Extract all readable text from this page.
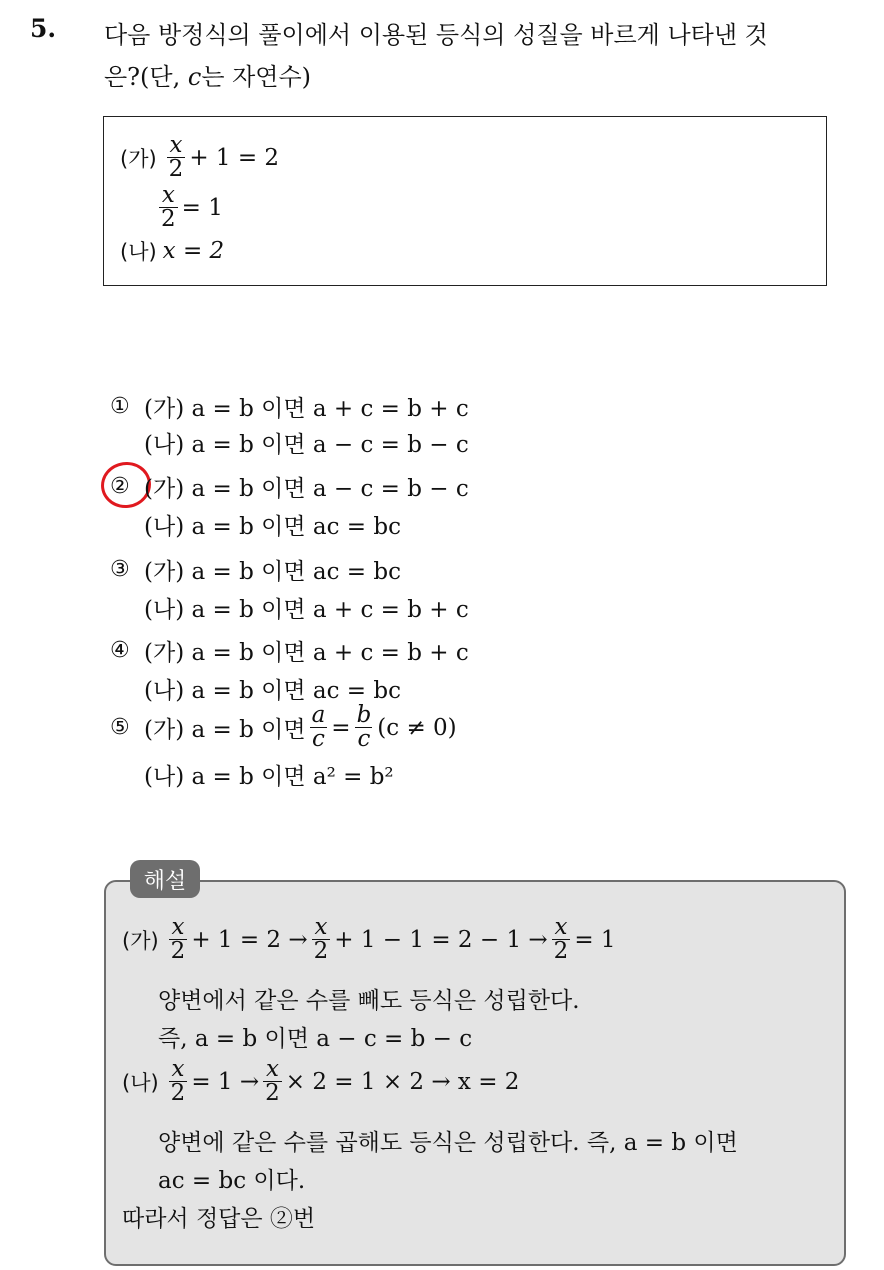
5. 다음 방정식의 풀이에서 이용된 등식의 성질을 바르게 나타낸 것
은?(단, c는 자연수)
(가) $\frac{x}{2} + 1 = 2$
$\frac{x}{2} = 1$
(나) x = 2
① (가) a = b 이면 a + c = b + c
(나) a = b 이면 a − c = b − c
② (가) a = b 이면 a − c = b − c
(나) a = b 이면 ac = bc
③ (가) a = b 이면 ac = bc
(나) a = b 이면 a + c = b + c
④ (가) a = b 이면 a + c = b + c
(나) a = b 이면 ac = bc
⑤ (가) a = b 이면 $\frac{a}{c} = \frac{b}{c} (c \ne 0)$
(나) a = b 이면 a² = b²
해설
(가) $\frac{x}{2} + 1 = 2 \to \frac{x}{2} + 1 - 1 = 2 - 1 \to \frac{x}{2} = 1$
양변에서 같은 수를 빼도 등식은 성립한다.
즉, a = b 이면 a − c = b − c
(나) $\frac{x}{2} = 1 \to \frac{x}{2} \times 2 = 1 \times 2 \to x = 2$
양변에 같은 수를 곱해도 등식은 성립한다. 즉, a = b 이면
ac = bc 이다.
따라서 정답은 ②번
